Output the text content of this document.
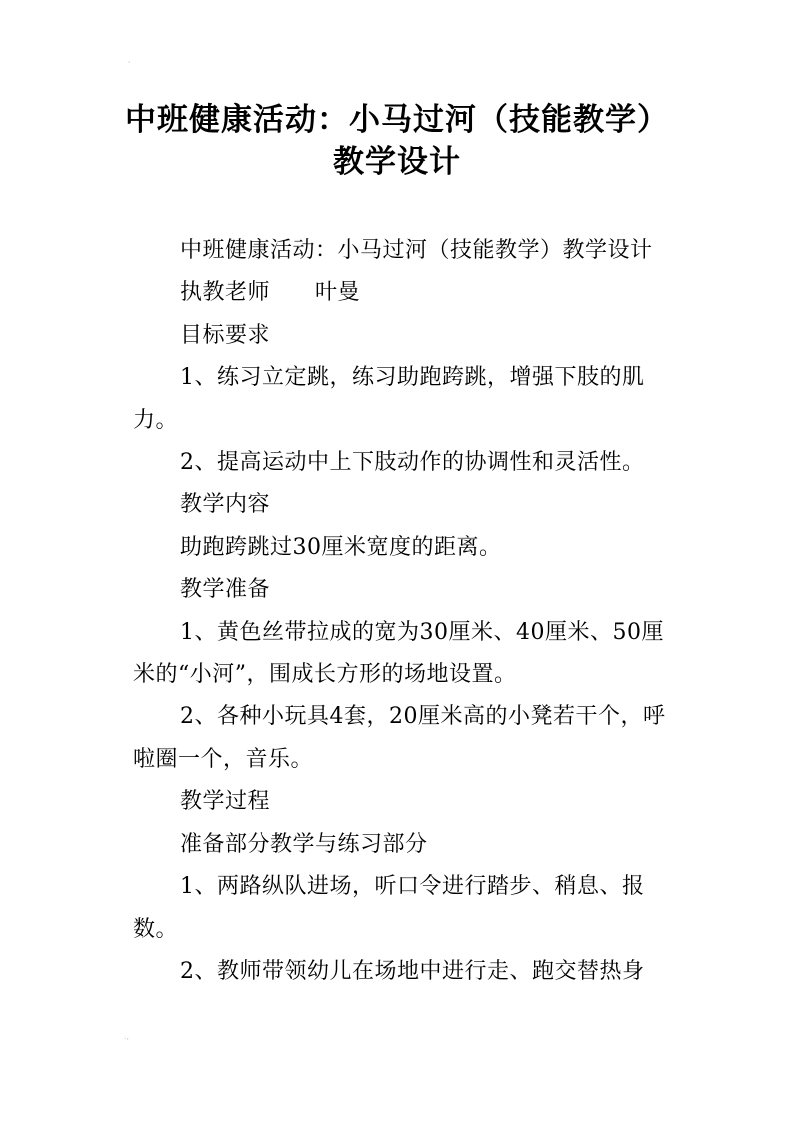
'
中班健康活动：小马过河（技能教学）
教学设计

中班健康活动：小马过河（技能教学）教学设计

执教老师　　叶曼

目标要求

1、练习立定跳，练习助跑跨跳，增强下肢的肌力。

2、提高运动中上下肢动作的协调性和灵活性。

教学内容

助跑跨跳过30厘米宽度的距离。

教学准备

1、黄色丝带拉成的宽为30厘米、40厘米、50厘米的“小河”，围成长方形的场地设置。

2、各种小玩具4套，20厘米高的小凳若干个，呼啦圈一个，音乐。

教学过程

准备部分教学与练习部分

1、两路纵队进场，听口令进行踏步、稍息、报数。

2、教师带领幼儿在场地中进行走、跑交替热身

.,
